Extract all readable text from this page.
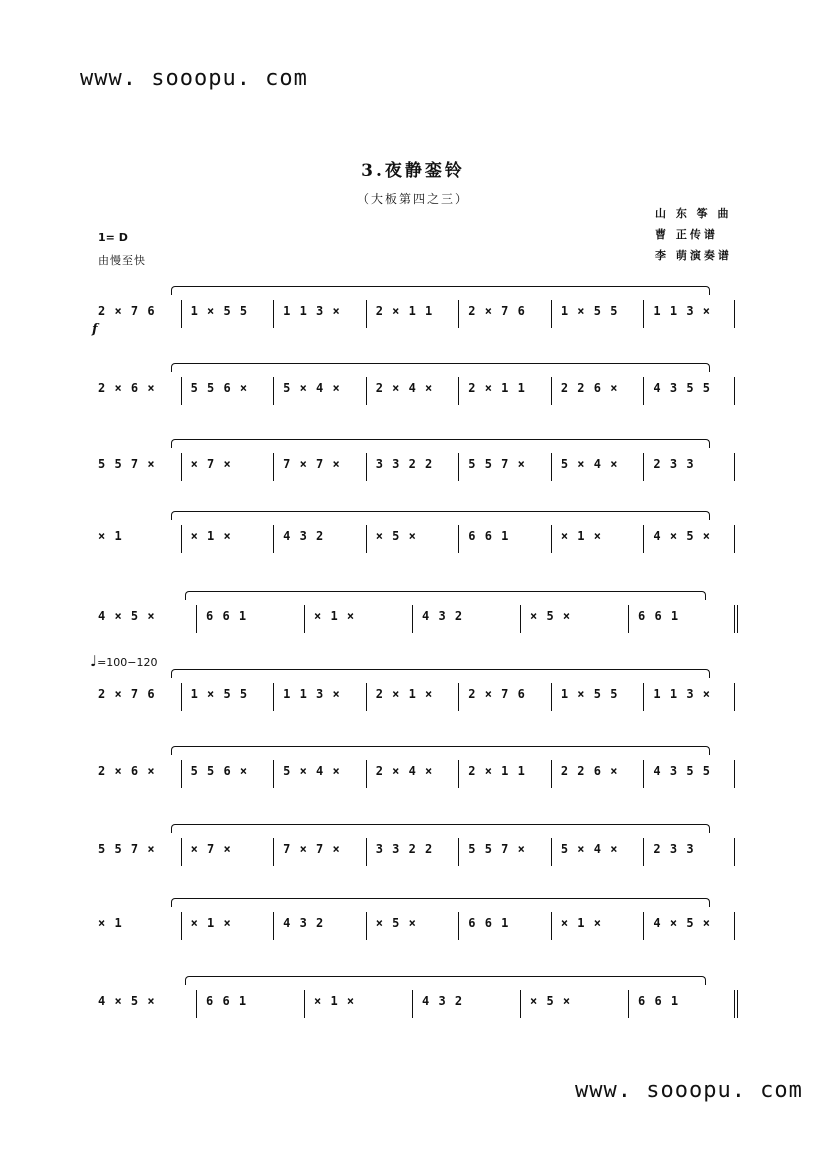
www. sooopu. com
3.夜静銮铃
（大板第四之三）
山 东 筝 曲
曹 正传谱
李 萌演奏谱
1= D
由慢至快
f
♩=100−120
2 × 7 6	1 × 5 5	1 1 3 ×	2 × 1 1	2 × 7 6	1 × 5 5	1 1 3 ×
2 × 6 ×	5 5 6 ×	5 × 4 ×	2 × 4 ×	2 × 1 1	2 2 6 ×	4 3 5 5
5 5 7 ×	× 7 ×	7 × 7 ×	3 3 2 2	5 5 7 ×	5 × 4 ×	2 3 3
× 1	× 1 ×	4 3 2	× 5 ×	6 6 1	× 1 ×	4 × 5 ×
4 × 5 ×	6 6 1	× 1 ×	4 3 2	× 5 ×	6 6 1
2 × 7 6	1 × 5 5	1 1 3 ×	2 × 1 ×	2 × 7 6	1 × 5 5	1 1 3 ×
2 × 6 ×	5 5 6 ×	5 × 4 ×	2 × 4 ×	2 × 1 1	2 2 6 ×	4 3 5 5
5 5 7 ×	× 7 ×	7 × 7 ×	3 3 2 2	5 5 7 ×	5 × 4 ×	2 3 3
× 1	× 1 ×	4 3 2	× 5 ×	6 6 1	× 1 ×	4 × 5 ×
4 × 5 ×	6 6 1	× 1 ×	4 3 2	× 5 ×	6 6 1
www. sooopu. com
